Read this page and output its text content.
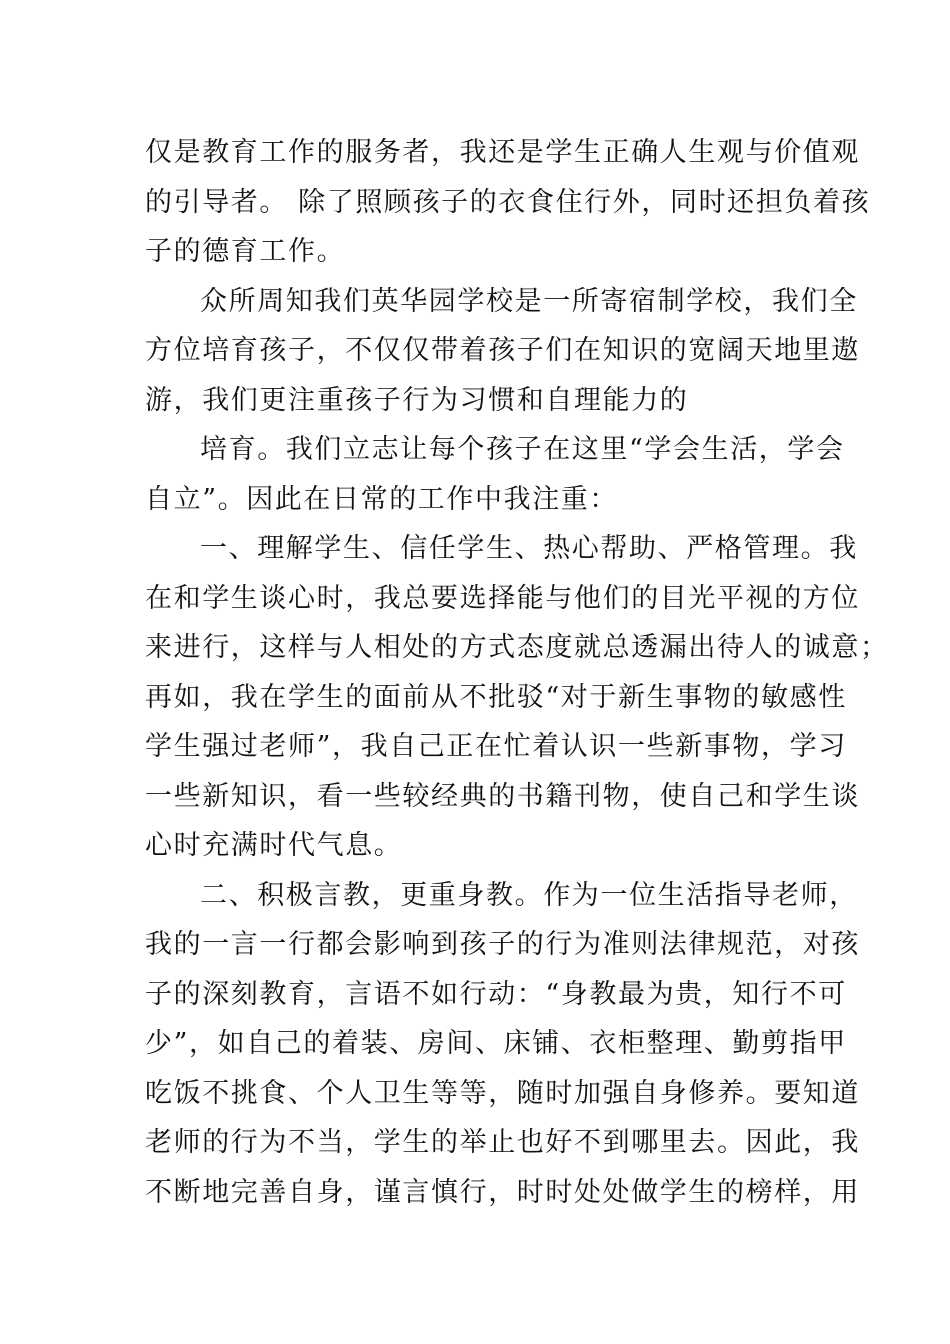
仅是教育工作的服务者，我还是学生正确人生观与价值观
的引导者。 除了照顾孩子的衣食住行外，同时还担负着孩
子的德育工作。
众所周知我们英华园学校是一所寄宿制学校，我们全
方位培育孩子，不仅仅带着孩子们在知识的宽阔天地里遨
游，我们更注重孩子行为习惯和自理能力的
培育。我们立志让每个孩子在这里“学会生活，学会
自立”。因此在日常的工作中我注重：
一、理解学生、信任学生、热心帮助、严格管理。我
在和学生谈心时，我总要选择能与他们的目光平视的方位
来进行，这样与人相处的方式态度就总透漏出待人的诚意；
再如，我在学生的面前从不批驳“对于新生事物的敏感性
学生强过老师”，我自己正在忙着认识一些新事物，学习
一些新知识，看一些较经典的书籍刊物，使自己和学生谈
心时充满时代气息。
二、积极言教，更重身教。作为一位生活指导老师，
我的一言一行都会影响到孩子的行为准则法律规范，对孩
子的深刻教育，言语不如行动：“身教最为贵，知行不可
少”，如自己的着装、房间、床铺、衣柜整理、勤剪指甲
吃饭不挑食、个人卫生等等，随时加强自身修养。要知道
老师的行为不当，学生的举止也好不到哪里去。因此，我
不断地完善自身，谨言慎行，时时处处做学生的榜样，用
